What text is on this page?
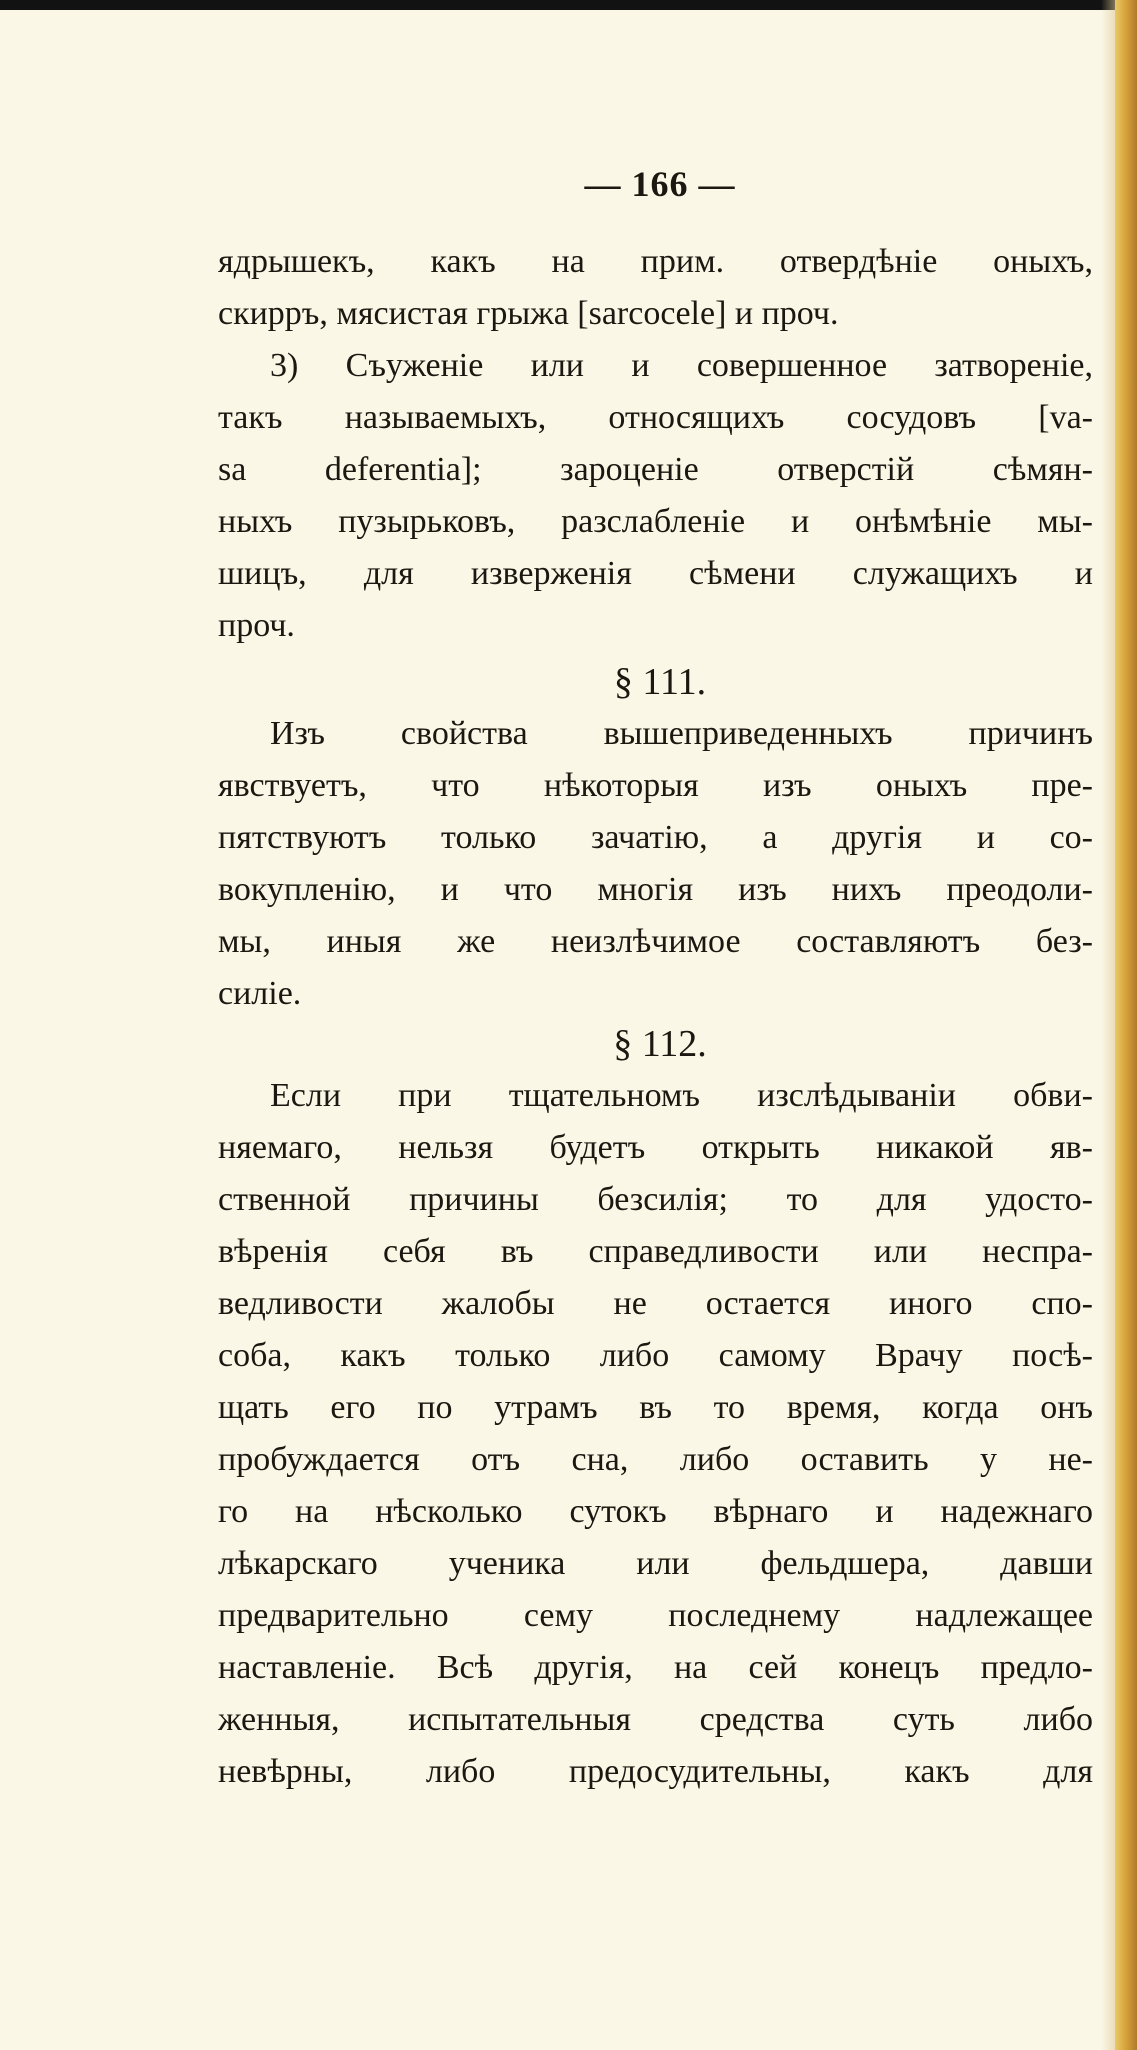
— 166 —
ядрышекъ, какъ на прим. отвердѣніе оныхъ,
скирръ, мясистая грыжа [sarcocele] и проч.
3) Съуженіе или и совершенное затвореніе,
такъ называемыхъ, относящихъ сосудовъ [va-
sa deferentia]; зароценіе отверстій сѣмян-
ныхъ пузырьковъ, разслабленіе и онѣмѣніе мы-
шицъ, для изверженія сѣмени служащихъ и
проч.
§ 111.
Изъ свойства вышеприведенныхъ причинъ
явствуетъ, что нѣкоторыя изъ оныхъ пре-
пятствуютъ только зачатію, а другія и со-
вокупленію, и что многія изъ нихъ преодоли-
мы, иныя же неизлѣчимое составляютъ без-
силіе.
§ 112.
Если при тщательномъ изслѣдываніи обви-
няемаго, нельзя будетъ открыть никакой яв-
ственной причины безсилія; то для удосто-
вѣренія себя въ справедливости или неспра-
ведливости жалобы не остается иного спо-
соба, какъ только либо самому Врачу посѣ-
щать его по утрамъ въ то время, когда онъ
пробуждается отъ сна, либо оставить у не-
го на нѣсколько сутокъ вѣрнаго и надежнаго
лѣкарскаго ученика или фельдшера, давши
предварительно сему последнему надлежащее
наставленіе. Всѣ другія, на сей конецъ предло-
женныя, испытательныя средства суть либо
невѣрны, либо предосудительны, какъ для
